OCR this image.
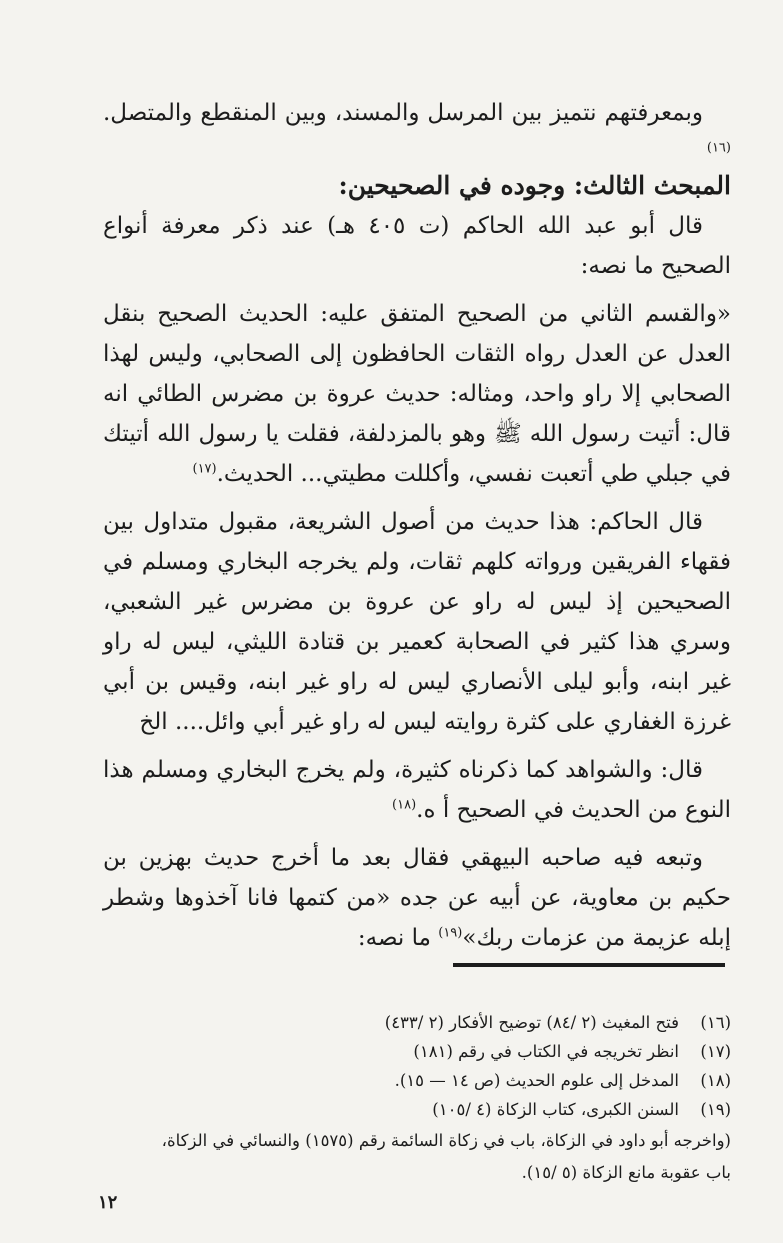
وبمعرفتهم نتميز بين المرسل والمسند، وبين المنقطع والمتصل.$^{(١٦)}$

المبحث الثالث: وجوده في الصحيحين:

قال أبو عبد الله الحاكم (ت ٤٠٥ هـ) عند ذكر معرفة أنواع الصحيح ما نصه:

«والقسم الثاني من الصحيح المتفق عليه: الحديث الصحيح بنقل العدل عن العدل رواه الثقات الحافظون إلى الصحابي، وليس لهذا الصحابي إلا راو واحد، ومثاله: حديث عروة بن مضرس الطائي انه قال: أتيت رسول الله ﷺ وهو بالمزدلفة، فقلت يا رسول الله أتيتك في جبلي طي أتعبت نفسي، وأكللت مطيتي... الحديث.$^{(١٧)}$

قال الحاكم: هذا حديث من أصول الشريعة، مقبول متداول بين فقهاء الفريقين ورواته كلهم ثقات، ولم يخرجه البخاري ومسلم في الصحيحين إذ ليس له راو عن عروة بن مضرس غير الشعبي، وسري هذا كثير في الصحابة كعمير بن قتادة الليثي، ليس له راو غير ابنه، وأبو ليلى الأنصاري ليس له راو غير ابنه، وقيس بن أبي غرزة الغفاري على كثرة روايته ليس له راو غير أبي وائل.... الخ

قال: والشواهد كما ذكرناه كثيرة، ولم يخرج البخاري ومسلم هذا النوع من الحديث في الصحيح أ ه.$^{(١٨)}$

وتبعه فيه صاحبه البيهقي فقال بعد ما أخرج حديث بهزين بن حكيم بن معاوية، عن أبيه عن جده «من كتمها فانا آخذوها وشطر إبله عزيمة من عزمات ربك»$^{(١٩)}$ ما نصه:

(١٦)فتح المغيث (٢ /٨٤) توضيح الأفكار (٢ /٤٣٣)
(١٧)انظر تخريجه في الكتاب في رقم (١٨١)
(١٨)المدخل إلى علوم الحديث (ص ١٤ — ١٥).
(١٩)السنن الكبرى، كتاب الزكاة (٤ /١٠٥)
(واخرجه أبو داود في الزكاة، باب في زكاة السائمة رقم (١٥٧٥) والنسائي في الزكاة،
باب عقوبة مانع الزكاة (٥ /١٥).
١٢
